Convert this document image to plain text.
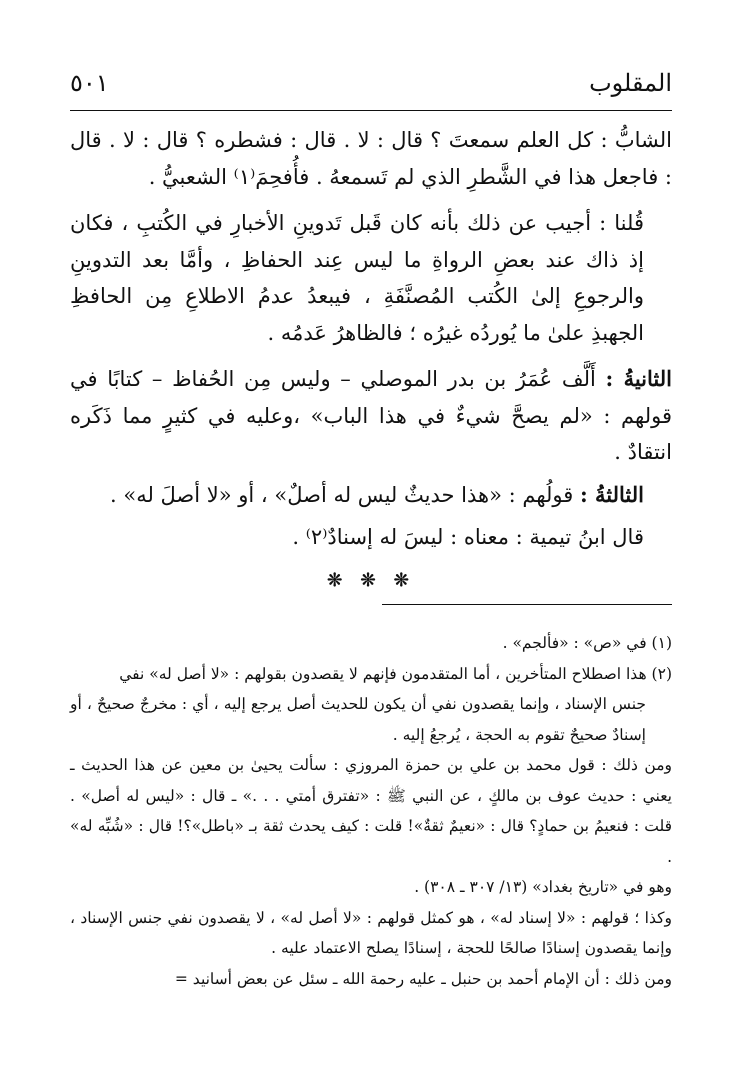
المقلوب
٥٠١

الشابُّ : كل العلم سمعتَ ؟ قال : لا . قال : فشطره ؟ قال : لا . قال : فاجعل هذا في الشَّطرِ الذي لم تَسمعهُ . فأُفحِمَ⁽١⁾ الشعبيُّ .

قُلنا : أجيب عن ذلك بأنه كان قَبل تَدوينِ الأخبارِ في الكُتبِ ، فكان إذ ذاك عند بعضِ الرواةِ ما ليس عِند الحفاظِ ، وأمَّا بعد التدوينِ والرجوعِ إلىٰ الكُتب المُصنَّفَةِ ، فيبعدُ عدمُ الاطلاعِ مِن الحافظِ الجهبذِ علىٰ ما يُوردُه غيرُه ؛ فالظاهرُ عَدمُه .

الثانيةُ : أَلَّف عُمَرُ بن بدر الموصلي – وليس مِن الحُفاظ – كتابًا في قولهم : «لم يصحَّ شيءٌ في هذا الباب» ،وعليه في كثيرٍ مما ذَكَره انتقادٌ .

الثالثةُ : قولُهم : «هذا حديثٌ ليس له أصلٌ» ، أو «لا أصلَ له» .

قال ابنُ تيمية : معناه : ليسَ له إسنادٌ⁽٢⁾ .

❊ ❊ ❊

(١) في «ص» : «فألجم» .

(٢) هذا اصطلاح المتأخرين ، أما المتقدمون فإنهم لا يقصدون بقولهم : «لا أصل له» نفي

جنس الإسناد ، وإنما يقصدون نفي أن يكون للحديث أصل يرجع إليه ، أي : مخرجٌ صحيحٌ ، أو إسنادٌ صحيحٌ تقوم به الحجة ، يُرجعُ إليه .

ومن ذلك : قول محمد بن علي بن حمزة المروزي : سألت يحيىٰ بن معين عن هذا الحديث ـ يعني : حديث عوف بن مالكٍ ، عن النبي ﷺ : «تفترق أمتي . . .» ـ قال : «ليس له أصل» . قلت : فنعيمُ بن حمادٍ؟ قال : «نعيمٌ ثقةٌ»! قلت : كيف يحدث ثقة بـ «باطل»؟! قال : «شُبِّه له» .

وهو في «تاريخ بغداد» (١٣/ ٣٠٧ ـ ٣٠٨) .

وكذا ؛ قولهم : «لا إسناد له» ، هو كمثل قولهم : «لا أصل له» ، لا يقصدون نفي جنس الإسناد ، وإنما يقصدون إسنادًا صالحًا للحجة ، إسنادًا يصلح الاعتماد عليه .

ومن ذلك : أن الإمام أحمد بن حنبل ـ عليه رحمة الله ـ سئل عن بعض أسانيد =
